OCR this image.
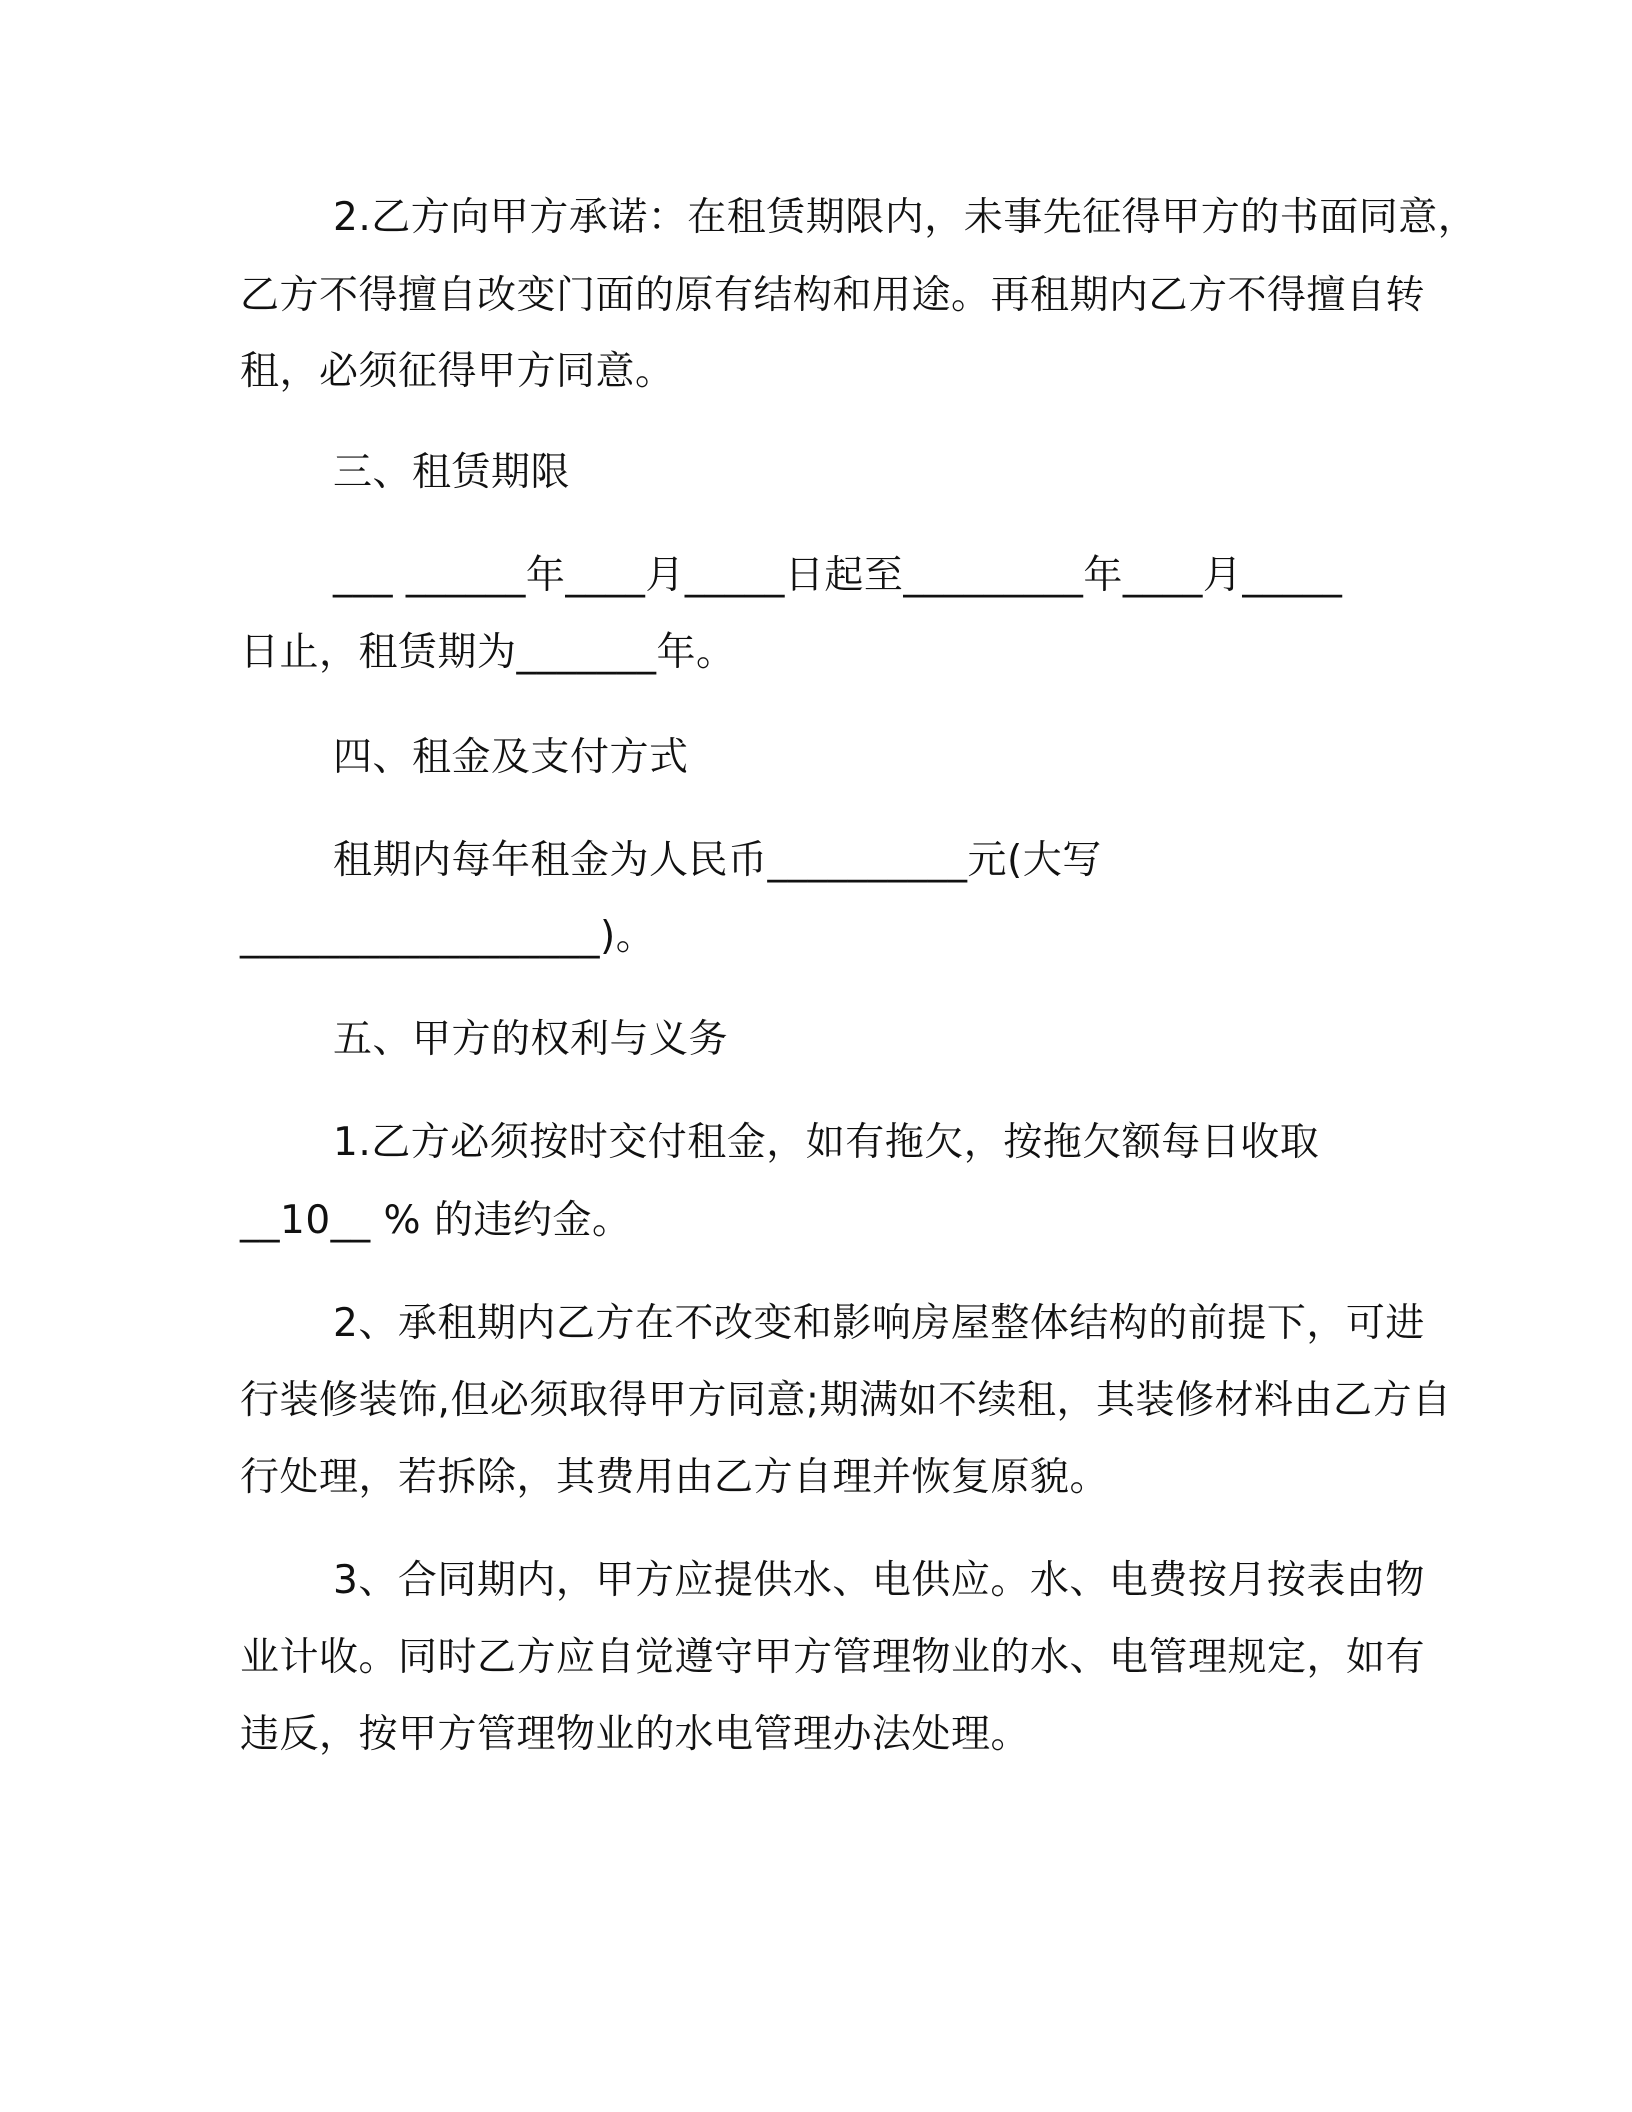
2.乙方向甲方承诺：在租赁期限内，未事先征得甲方的书面同意，
乙方不得擅自改变门面的原有结构和用途。再租期内乙方不得擅自转
租，必须征得甲方同意。
三、租赁期限
___ ______年____月_____日起至_________年____月_____
日止，租赁期为_______年。
四、租金及支付方式
租期内每年租金为人民币__________元(大写
__________________)。
五、甲方的权利与义务
1.乙方必须按时交付租金，如有拖欠，按拖欠额每日收取
__10__ % 的违约金。
2、承租期内乙方在不改变和影响房屋整体结构的前提下，可进
行装修装饰,但必须取得甲方同意;期满如不续租，其装修材料由乙方自
行处理，若拆除，其费用由乙方自理并恢复原貌。
3、合同期内，甲方应提供水、电供应。水、电费按月按表由物
业计收。同时乙方应自觉遵守甲方管理物业的水、电管理规定，如有
违反，按甲方管理物业的水电管理办法处理。
